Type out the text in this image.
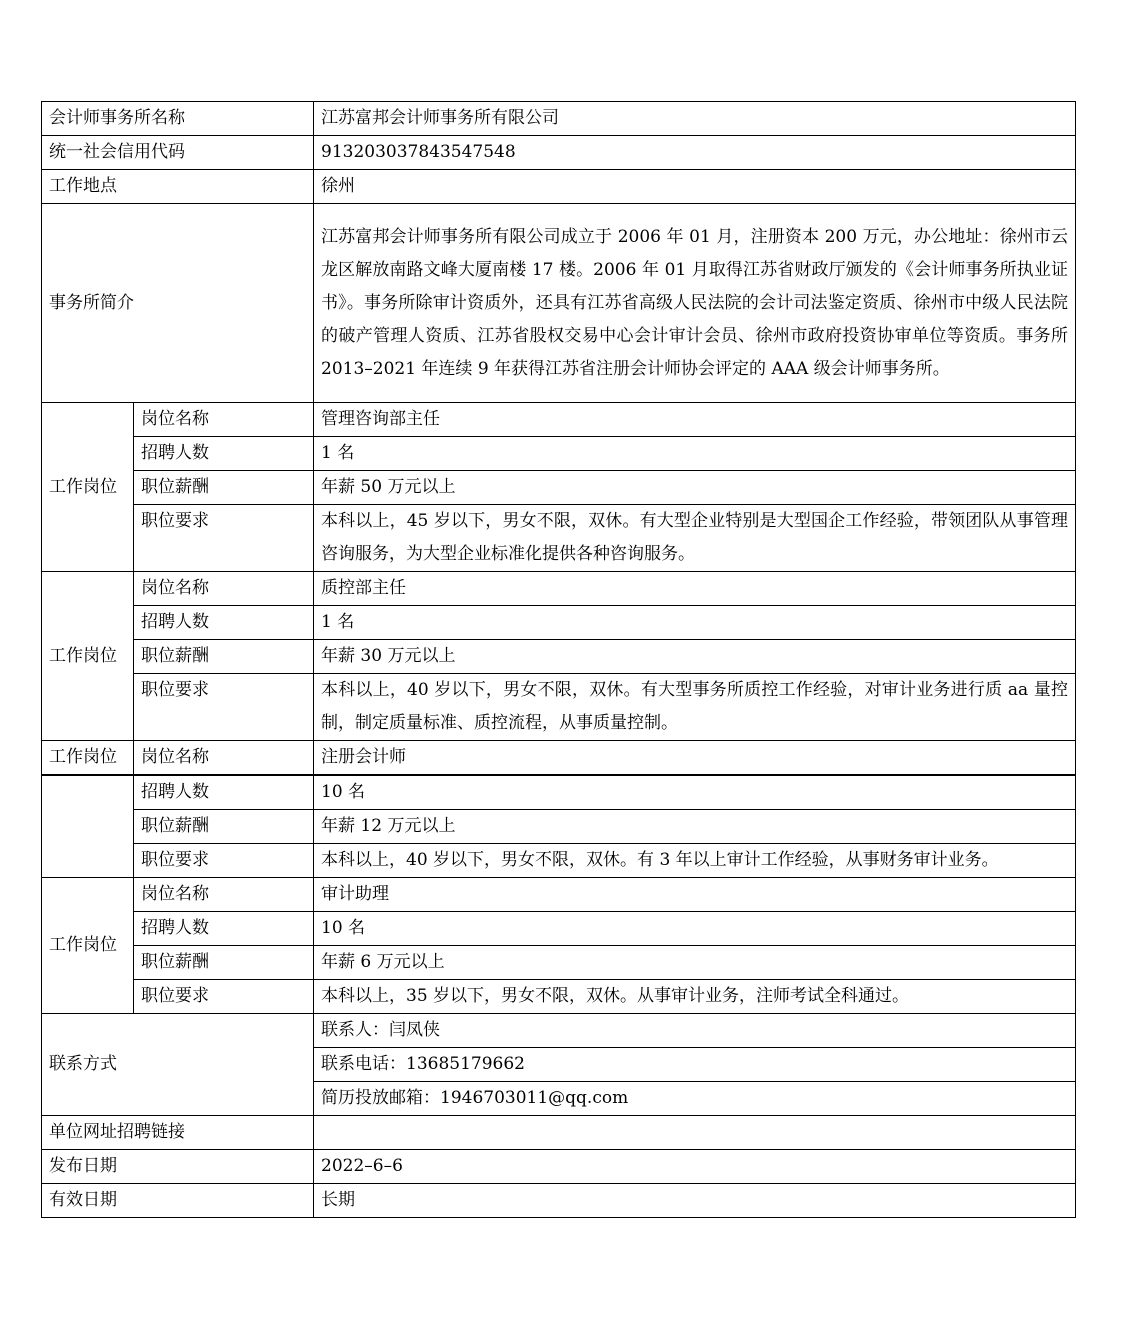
会计师事务所名称		江苏富邦会计师事务所有限公司
统一社会信用代码		913203037843547548
工作地点		徐州
事务所简介		江苏富邦会计师事务所有限公司成立于 2006 年 01 月，注册资本 200 万元，办公地址：徐州市云龙区解放南路文峰大厦南楼 17 楼。2006 年 01 月取得江苏省财政厅颁发的《会计师事务所执业证书》。事务所除审计资质外，还具有江苏省高级人民法院的会计司法鉴定资质、徐州市中级人民法院的破产管理人资质、江苏省股权交易中心会计审计会员、徐州市政府投资协审单位等资质。事务所 2013–2021 年连续 9 年获得江苏省注册会计师协会评定的 AAA 级会计师事务所。
工作岗位	岗位名称	管理咨询部主任
	招聘人数	1 名
	职位薪酬	年薪 50 万元以上
	职位要求	本科以上，45 岁以下，男女不限，双休。有大型企业特别是大型国企工作经验，带领团队从事管理咨询服务，为大型企业标准化提供各种咨询服务。
工作岗位	岗位名称	质控部主任
	招聘人数	1 名
	职位薪酬	年薪 30 万元以上
	职位要求	本科以上，40 岁以下，男女不限，双休。有大型事务所质控工作经验，对审计业务进行质 aa 量控制，制定质量标准、质控流程，从事质量控制。
工作岗位	岗位名称	注册会计师
	招聘人数	10 名
	职位薪酬	年薪 12 万元以上
	职位要求	本科以上，40 岁以下，男女不限，双休。有 3 年以上审计工作经验，从事财务审计业务。
工作岗位	岗位名称	审计助理
	招聘人数	10 名
	职位薪酬	年薪 6 万元以上
	职位要求	本科以上，35 岁以下，男女不限，双休。从事审计业务，注师考试全科通过。
联系方式		联系人：闫凤侠
		联系电话：13685179662
		简历投放邮箱：1946703011@qq.com
单位网址招聘链接		
发布日期		2022–6–6
有效日期		长期
